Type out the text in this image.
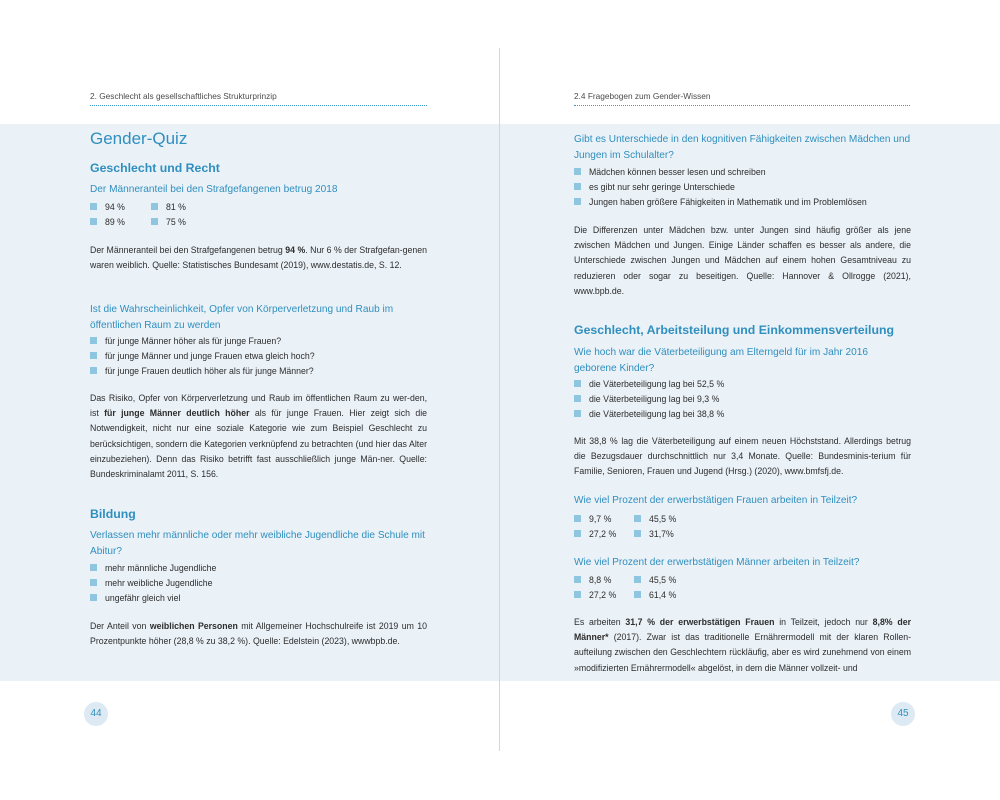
2. Geschlecht als gesellschaftliches Strukturprinzip
Gender-Quiz
Geschlecht und Recht
Der Männeranteil bei den Strafgefangenen betrug 2018
94 %	81 %
89 %	75 %
Der Männeranteil bei den Strafgefangenen betrug 94 %. Nur 6 % der Strafgefan-genen waren weiblich. Quelle: Statistisches Bundesamt (2019), www.destatis.de, S. 12.
Ist die Wahrscheinlichkeit, Opfer von Körperverletzung und Raub im öffentlichen Raum zu werden
für junge Männer höher als für junge Frauen?
für junge Männer und junge Frauen etwa gleich hoch?
für junge Frauen deutlich höher als für junge Männer?
Das Risiko, Opfer von Körperverletzung und Raub im öffentlichen Raum zu wer-den, ist für junge Männer deutlich höher als für junge Frauen. Hier zeigt sich die Notwendigkeit, nicht nur eine soziale Kategorie wie zum Beispiel Geschlecht zu berücksichtigen, sondern die Kategorien verknüpfend zu betrachten (und hier das Alter einzubeziehen). Denn das Risiko betrifft fast ausschließlich junge Män-ner. Quelle: Bundeskriminalamt 2011, S. 156.
Bildung
Verlassen mehr männliche oder mehr weibliche Jugendliche die Schule mit Abitur?
mehr männliche Jugendliche
mehr weibliche Jugendliche
ungefähr gleich viel
Der Anteil von weiblichen Personen mit Allgemeiner Hochschulreife ist 2019 um 10 Prozentpunkte höher (28,8 % zu 38,2 %). Quelle: Edelstein (2023), wwwbpb.de.
44
2.4 Fragebogen zum Gender-Wissen
Gibt es Unterschiede in den kognitiven Fähigkeiten zwischen Mädchen und Jungen im Schulalter?
Mädchen können besser lesen und schreiben
es gibt nur sehr geringe Unterschiede
Jungen haben größere Fähigkeiten in Mathematik und im Problemlösen
Die Differenzen unter Mädchen bzw. unter Jungen sind häufig größer als jene zwischen Mädchen und Jungen. Einige Länder schaffen es besser als andere, die Unterschiede zwischen Jungen und Mädchen auf einem hohen Gesamtniveau zu reduzieren oder sogar zu beseitigen. Quelle: Hannover & Ollrogge (2021), www.bpb.de.
Geschlecht, Arbeitsteilung und Einkommensverteilung
Wie hoch war die Väterbeteiligung am Elterngeld für im Jahr 2016 geborene Kinder?
die Väterbeteiligung lag bei 52,5 %
die Väterbeteiligung lag bei 9,3 %
die Väterbeteiligung lag bei 38,8 %
Mit 38,8 % lag die Väterbeteiligung auf einem neuen Höchststand. Allerdings betrug die Bezugsdauer durchschnittlich nur 3,4 Monate. Quelle: Bundesminis-terium für Familie, Senioren, Frauen und Jugend (Hrsg.) (2020), www.bmfsfj.de.
Wie viel Prozent der erwerbstätigen Frauen arbeiten in Teilzeit?
9,7 %	45,5 %
27,2 %	31,7%
Wie viel Prozent der erwerbstätigen Männer arbeiten in Teilzeit?
8,8 %	45,5 %
27,2 %	61,4 %
Es arbeiten 31,7 % der erwerbstätigen Frauen in Teilzeit, jedoch nur 8,8% der Männer* (2017). Zwar ist das traditionelle Ernährermodell mit der klaren Rollen-aufteilung zwischen den Geschlechtern rückläufig, aber es wird zunehmend von einem »modifizierten Ernährermodell« abgelöst, in dem die Männer vollzeit- und
45
